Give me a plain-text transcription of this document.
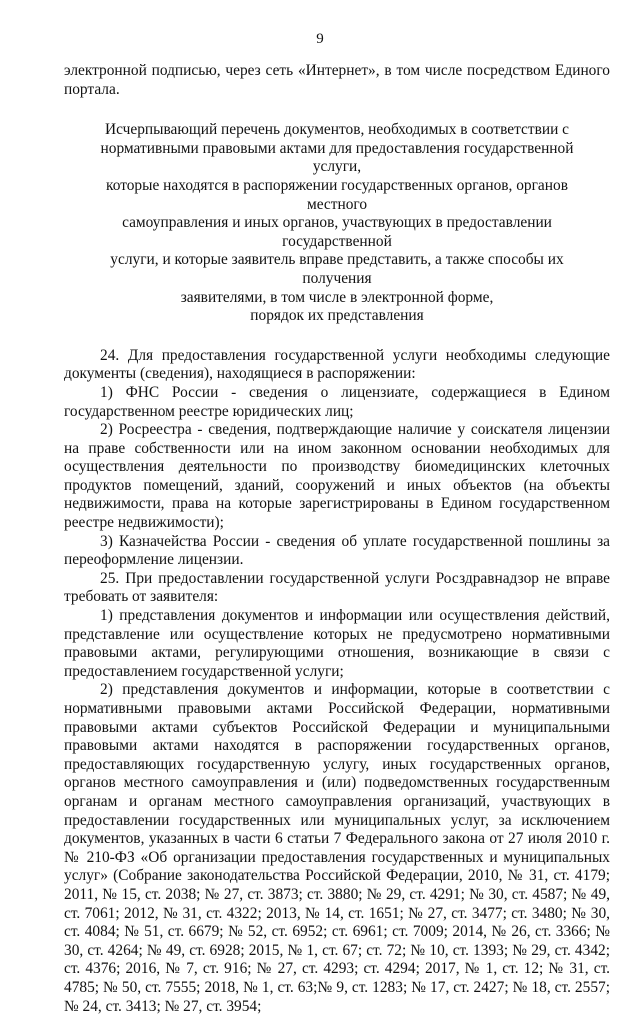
9

электронной подписью, через сеть «Интернет», в том числе посредством Единого портала.

Исчерпывающий перечень документов, необходимых в соответствии с
нормативными правовыми актами для предоставления государственной услуги,
которые находятся в распоряжении государственных органов, органов местного
самоуправления и иных органов, участвующих в предоставлении государственной
услуги, и которые заявитель вправе представить, а также способы их получения
заявителями, в том числе в электронной форме,
порядок их представления

24. Для предоставления государственной услуги необходимы следующие документы (сведения), находящиеся в распоряжении:

1) ФНС России - сведения о лицензиате, содержащиеся в Едином государственном реестре юридических лиц;

2) Росреестра - сведения, подтверждающие наличие у соискателя лицензии на праве собственности или на ином законном основании необходимых для осуществления деятельности по производству биомедицинских клеточных продуктов помещений, зданий, сооружений и иных объектов (на объекты недвижимости, права на которые зарегистрированы в Едином государственном реестре недвижимости);

3) Казначейства России - сведения об уплате государственной пошлины за переоформление лицензии.

25. При предоставлении государственной услуги Росздравнадзор не вправе требовать от заявителя:

1) представления документов и информации или осуществления действий, представление или осуществление которых не предусмотрено нормативными правовыми актами, регулирующими отношения, возникающие в связи с предоставлением государственной услуги;

2) представления документов и информации, которые в соответствии с нормативными правовыми актами Российской Федерации, нормативными правовыми актами субъектов Российской Федерации и муниципальными правовыми актами находятся в распоряжении государственных органов, предоставляющих государственную услугу, иных государственных органов, органов местного самоуправления и (или) подведомственных государственным органам и органам местного самоуправления организаций, участвующих в предоставлении государственных или муниципальных услуг, за исключением документов, указанных в части 6 статьи 7 Федерального закона от 27 июля 2010 г. № 210-ФЗ «Об организации предоставления государственных и муниципальных услуг» (Собрание законодательства Российской Федерации, 2010, № 31, ст. 4179; 2011, № 15, ст. 2038; № 27, ст. 3873; ст. 3880; № 29, ст. 4291; № 30, ст. 4587; № 49, ст. 7061; 2012, № 31, ст. 4322; 2013, № 14, ст. 1651; № 27, ст. 3477; ст. 3480; № 30, ст. 4084; № 51, ст. 6679; № 52, ст. 6952; ст. 6961; ст. 7009; 2014, № 26, ст. 3366; № 30, ст. 4264; № 49, ст. 6928; 2015, № 1, ст. 67; ст. 72; № 10, ст. 1393; № 29, ст. 4342; ст. 4376; 2016, № 7, ст. 916; № 27, ст. 4293; ст. 4294; 2017, № 1, ст. 12; № 31, ст. 4785; № 50, ст. 7555; 2018, № 1, ст. 63;№ 9, ст. 1283; № 17, ст. 2427; № 18, ст. 2557; № 24, ст. 3413; № 27, ст. 3954;
